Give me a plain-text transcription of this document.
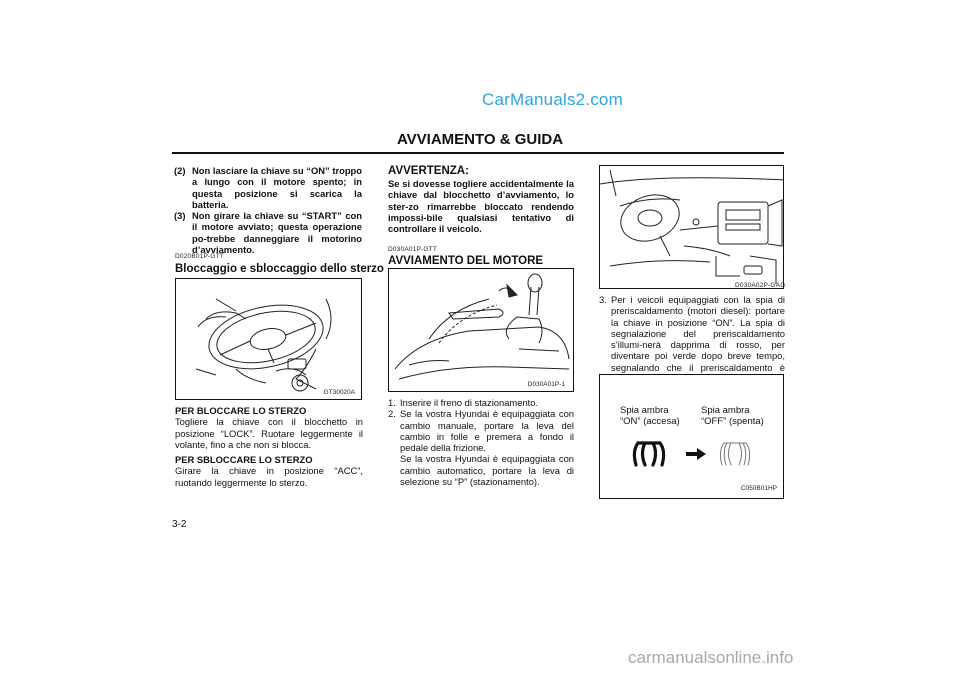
CarManuals2.com
carmanualsonline.info
AVVIAMENTO & GUIDA
(2) Non lasciare la chiave su “ON” troppo a lungo con il motore spento; in questa posizione si scarica la batteria.
(3) Non girare la chiave su “START” con il motore avviato; questa operazione po-trebbe danneggiare il motorino d’avviamento.
D020B01P-GTT
Bloccaggio e sbloccaggio dello sterzo
GT30020A

PER BLOCCARE LO STERZO

Togliere la chiave con il blocchetto in posizione “LOCK”. Ruotare leggermente il volante, fino a che non si blocca.

PER SBLOCCARE LO STERZO

Girare la chiave in posizione “ACC”, ruotando leggermente lo sterzo.

3-2
AVVERTENZA:
Se si dovesse togliere accidentalmente la chiave dal blocchetto d’avviamento, lo ster-zo rimarrebbe bloccato rendendo impossi-bile qualsiasi tentativo di controllare il veicolo.
D030A01P-GTT
AVVIAMENTO DEL MOTORE
D030A01P-1
1. Inserire il freno di stazionamento.
2. Se la vostra Hyundai è equipaggiata con cambio manuale, portare la leva del cambio in folle e premera a fondo il pedale della frizione.
Se la vostra Hyundai è equipaggiata con cambio automatico, portare la leva di selezione su “P” (stazionamento).
D030A02P-GAG
3. Per i veicoli equipaggiati con la spia di preriscaldamento (motori diesel): portare la chiave in posizione “ON”. La spia di segnalazione del preriscaldamento s’illumi-nerà dapprima di rosso, per diventare poi verde dopo breve tempo, segnalando che il preriscaldamento è
Spia ambra
“ON” (accesa)
Spia ambra
“OFF” (spenta)
C050B01HP
